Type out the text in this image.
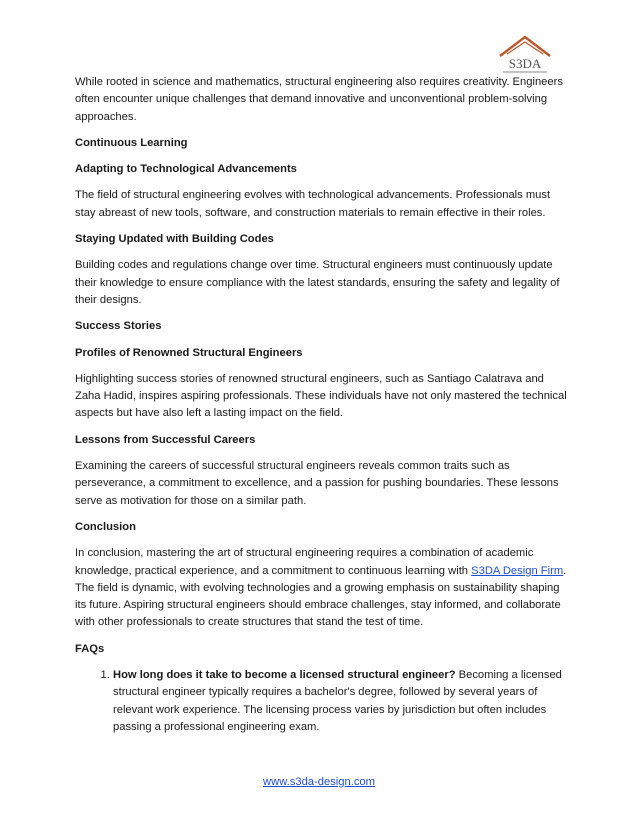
S3DA

While rooted in science and mathematics, structural engineering also requires creativity. Engineers often encounter unique challenges that demand innovative and unconventional problem-solving approaches.

Continuous Learning
Adapting to Technological Advancements

The field of structural engineering evolves with technological advancements. Professionals must stay abreast of new tools, software, and construction materials to remain effective in their roles.

Staying Updated with Building Codes

Building codes and regulations change over time. Structural engineers must continuously update their knowledge to ensure compliance with the latest standards, ensuring the safety and legality of their designs.

Success Stories
Profiles of Renowned Structural Engineers

Highlighting success stories of renowned structural engineers, such as Santiago Calatrava and Zaha Hadid, inspires aspiring professionals. These individuals have not only mastered the technical aspects but have also left a lasting impact on the field.

Lessons from Successful Careers

Examining the careers of successful structural engineers reveals common traits such as perseverance, a commitment to excellence, and a passion for pushing boundaries. These lessons serve as motivation for those on a similar path.

Conclusion

In conclusion, mastering the art of structural engineering requires a combination of academic knowledge, practical experience, and a commitment to continuous learning with S3DA Design Firm. The field is dynamic, with evolving technologies and a growing emphasis on sustainability shaping its future. Aspiring structural engineers should embrace challenges, stay informed, and collaborate with other professionals to create structures that stand the test of time.

FAQs
1. How long does it take to become a licensed structural engineer? Becoming a licensed structural engineer typically requires a bachelor's degree, followed by several years of relevant work experience. The licensing process varies by jurisdiction but often includes passing a professional engineering exam.
www.s3da-design.com
